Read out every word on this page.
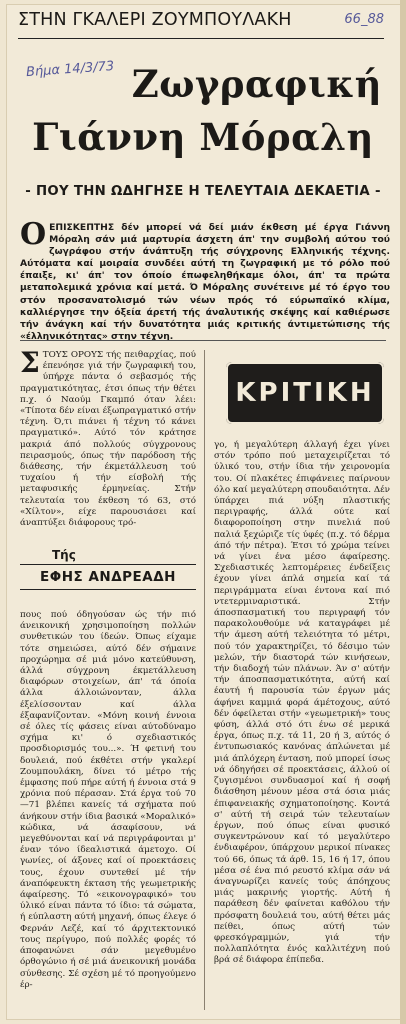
ΣΤΗΝ ΓΚΑΛΕΡΙ ΖΟΥΜΠΟΥΛΑΚΗ	66_88
Βήμα 14/3/73 Ζωγραφική
Γιάννη Μόραλη
- ΠΟΥ ΤΗΝ ΩΔΗΓΗΣΕ Η ΤΕΛΕΥΤΑΙΑ ΔΕΚΑΕΤΙΑ -
OΕΠΙΣΚΕΠΤΗΣ δέν μπορεί νά δεί μιάν έκθεση μέ έργα Γιάννη Μόραλη σάν μιά μαρτυρία άσχετη άπ' την συμβολή αύτου τού ζωγράφου στήν άνάπτυξη τής σύγχρονης Ελληνικής τέχνης. Αύτόματα καί μοιραία συνδέει αύτή τη ζωγραφική με τό ρόλο πού έπαιξε, κι' άπ' τον όποίο έπωφεληθήκαμε όλοι, άπ' τα πρώτα μεταπολεμικά χρόνια καί μετά. Ό Μόραλης συνέτεινε μέ τό έργο του στόν προσανατολισμό τών νέων πρός τό εύρωπαϊκό κλίμα, καλλιέργησε την όξεία άρετή τής άναλυτικής σκέψης καί καθιέρωσε τήν άνάγκη καί τήν δυνατότητα μιάς κριτικής άντιμετώπισης τής «έλληνικότητας» στην τέχνη.
ΣΤΟΥΣ ΟΡΟΥΣ τής πειθαρχίας, πού έπενόησε γιά τήν ζωγραφική του, ύπήρχε πάντα ό σεβασμός τής πραγματικότητας, έτσι όπως τήν θέτει π.χ. ό Ναούμ Γκαμπό όταν λέει: «Τίποτα δέν είναι έξωπραγματικό στήν τέχνη. Ό,τι πιάνει ή τέχνη τό κάνει πραγματικό». Αύτό τόν κράτησε μακριά άπό πολλούς σύγχρονους πειρασμούς, όπως τήν παρόδοση τής διάθεσης, τήν έκμετάλλευση τού τυχαίου ή τήν είσβολή τής μεταφυσικής έρμηνείας. Στήν τελευταία του έκθεση τό 63, στό «Χίλτον», είχε παρουσιάσει καί άναπτύξει διάφορους τρό-
Τής
ΕΦΗΣ ΑΝΔΡΕΑΔΗ
πους πού όδηγούσαν ώς τήν πιό άνεικονική χρησιμοποίηση πολλών συνθετικών του ίδεών. Όπως είχαμε τότε σημειώσει, αύτό δέν σήμαινε προχώρημα σέ μιά μόνο κατεύθυνση, άλλά σύγχρονη έκμετάλλευση διαφόρων στοιχείων, άπ' τά όποία άλλα άλλοιώνονταν, άλλα έξελίσσονταν καί άλλα έξαφανίζονταν. «Μόνη κοινή έννοια σέ όλες τίς φάσεις είναι αύτοδύναμο σχήμα κι' ό σχεδιαστικός προσδιορισμός του...». Ή φετινή του δουλειά, πού έκθέτει στήν γκαλερί Ζουμπουλάκη, δίνει τό μέτρο τής έμφασης πού πήρε αύτή ή έννοια στά 9 χρόνια πού πέρασαν. Στά έργα τού 70—71 βλέπει κανείς τά σχήματα πού άνήκουν στήν ίδια βασικά «Μοραλικό» κώδικα, νά άσαφίσουν, νά μεγεθύνονται καί νά περιγράφονται μ' έναν τόνο ίδεαλιστικά άμετοχο. Οί γωνίες, οί άξονες καί οί προεκτάσεις τους, έχουν συντεθεί μέ τήν άναπόφευκτη έκταση τής γεωμετρικής άφαίρεσης. Τό «εικονογραφικό» του ύλικό είναι πάντα τό ίδιο: τά σώματα, ή εύπλαστη αύτή μηχανή, όπως έλεγε ό Φερνάν Λεζέ, καί τό άρχιτεκτονικό τους περίγυρο, πού πολλές φορές τό άποφανώνει σάν μεγεθυμένο όρθογώνιο ή σέ μιά άνεικονική μονάδα σύνθεσης. Σέ σχέση μέ τό προηγούμενο έρ-
ΚΡΙΤΙΚΗ
γο, ή μεγαλύτερη άλλαγή έχει γίνει στόν τρόπο πού μεταχειρίζεται τό ύλικό του, στήν ίδια τήν χειρονομία του. Οί πλακέτες έπιφάνειες παίρνουν όλο καί μεγαλύτερη σπουδαιότητα. Δέν ύπάρχει πιά νύξη πλαστικής περιγραφής, άλλά ούτε καί διαφοροποίηση στην πινελιά πού παλιά ξεχώριζε τίς ύφές (π.χ. τό δέρμα άπό τήν πέτρα). Έτσι τό χρώμα τείνει νά γίνει ένα μέσο άφαίρεσης. Σχεδιαστικές λεπτομέρειες ένδείξεις έχουν γίνει άπλά σημεία καί τά περιγράμματα είναι έντονα καί πιό ντετερμιναριστικά. Στήν άποσπασματική του περιγραφή τόν παρακολουθούμε νά καταγράφει μέ τήν άμεση αύτή τελειότητα τό μέτρι, πού τόν χαρακτηρίζει, τό δέσιμο τών μελών, τήν διαστορά τών κινήσεων, τήν διαδοχή τών πλάνων. Άν σ' αύτήν τήν άποσπασματικότητα, αύτή καί έαυτή ή παρουσία τών έργων μάς άφήνει καμμιά φορά άμέτοχους, αύτό δέν όφείλεται στήν «γεωμετρική» τους φύση, άλλά στό ότι ένω σέ μερικά έργα, όπως π.χ. τά 11, 20 ή 3, αύτός ό έντυπωσιακός κανόνας άπλώνεται μέ μιά άπλόχερη ένταση, πού μπορεί ίσως νά όδηγήσει σέ προεκτάσεις, άλλού οί ζυγισμένοι συνδυασμοί καί ή σοφή διάσθηση μένουν μέσα στά όσια μιάς έπιφανειακής σχηματοποίησης. Κοντά σ' αύτή τή σειρά τών τελευταίων έργων, πού όπως είναι φυσικό συγκεντρώνουν καί τό μεγαλύτερο ένδιαφέρον, ύπάρχουν μερικοί πίνακες τού 66, όπως τά άρθ. 15, 16 ή 17, όπου μέσα σέ ένα πιό ρευστό κλίμα σάν νά άναγνωρίζει κανείς τούς άπόηχους μιάς μακρινής γιορτής. Αύτή ή παράθεση δέν φαίνεται καθόλου τήν πρόσφατη δουλειά του, αύτή θέτει μάς πείθει, όπως αύτή τών φρεσκόγραμμών, γιά τήν πολλαπλότητα ένός καλλιτέχνη πού βρά σέ διάφορα έπίπεδα.
